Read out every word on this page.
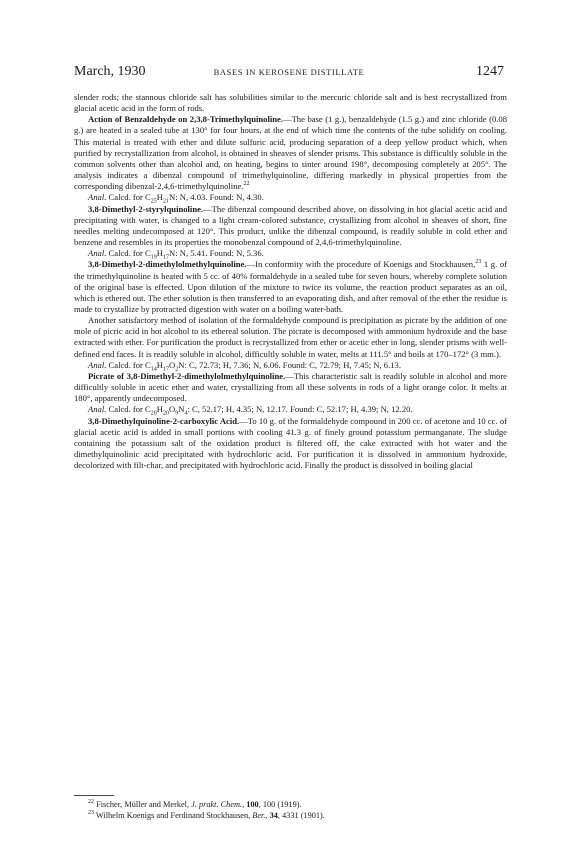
March, 1930	BASES IN KEROSENE DISTILLATE	1247

slender rods; the stannous chloride salt has solubilities similar to the mercuric chloride salt and is best recrystallized from glacial acetic acid in the form of rods.

Action of Benzaldehyde on 2,3,8-Trimethylquinoline.—The base (1 g.), benzaldehyde (1.5 g.) and zinc chloride (0.08 g.) are heated in a sealed tube at 130° for four hours, at the end of which time the contents of the tube solidify on cooling. This material is treated with ether and dilute sulfuric acid, producing separation of a deep yellow product which, when purified by recrystallization from alcohol, is obtained in sheaves of slender prisms. This substance is difficultly soluble in the common solvents other than alcohol and, on heating, begins to sinter around 198°, decomposing completely at 205°. The analysis indicates a dibenzal compound of trimethylquinoline, differing markedly in physical properties from the corresponding dibenzal-2,4,6-trimethylquinoline.$^{22}$

Anal. Calcd. for $C_{25}H_{21}N$: N, 4.03. Found: N, 4.30.

3,8-Dimethyl-2-styrylquinoline.—The dibenzal compound described above, on dissolving in hot glacial acetic acid and precipitating with water, is changed to a light cream-colored substance, crystallizing from alcohol in sheaves of short, fine needles melting undecomposed at 120°. This product, unlike the dibenzal compound, is readily soluble in cold ether and benzene and resembles in its properties the monobenzal compound of 2,4,6-trimethylquinoline.

Anal. Calcd. for $C_{19}H_{17}N$: N, 5.41. Found: N, 5.36.

3,8-Dimethyl-2-dimethylolmethylquinoline.—In conformity with the procedure of Koenigs and Stockhausen,$^{23}$ 1 g. of the trimethylquinoline is heated with 5 cc. of 40% formaldehyde in a sealed tube for seven hours, whereby complete solution of the original base is effected. Upon dilution of the mixture to twice its volume, the reaction product separates as an oil, which is ethered out. The ether solution is then transferred to an evaporating dish, and after removal of the ether the residue is made to crystallize by protracted digestion with water on a boiling water-bath.

Another satisfactory method of isolation of the formaldehyde compound is precipitation as picrate by the addition of one mole of picric acid in hot alcohol to its ethereal solution. The picrate is decomposed with ammonium hydroxide and the base extracted with ether. For purification the product is recrystallized from ether or acetic ether in long, slender prisms with well-defined end faces. It is readily soluble in alcohol, difficultly soluble in water, melts at 111.5° and boils at 170–172° (3 mm.).

Anal. Calcd. for $C_{14}H_{17}O_2N$: C, 72.73; H, 7.36; N, 6.06. Found: C, 72.79; H, 7.45; N, 6.13.

Picrate of 3,8-Dimethyl-2-dimethylolmethylquinoline.—This characteristic salt is readily soluble in alcohol and more difficultly soluble in acetic ether and water, crystallizing from all these solvents in rods of a light orange color. It melts at 180°, apparently undecomposed.

Anal. Calcd. for $C_{20}H_{20}O_9N_4$: C, 52.17; H, 4.35; N, 12.17. Found: C, 52.17; H, 4.39; N, 12.20.

3,8-Dimethylquinoline-2-carboxylic Acid.—To 10 g. of the formaldehyde compound in 200 cc. of acetone and 10 cc. of glacial acetic acid is added in small portions with cooling 41.3 g. of finely ground potassium permanganate. The sludge containing the potassium salt of the oxidation product is filtered off, the cake extracted with hot water and the dimethylquinolinic acid precipitated with hydrochloric acid. For purification it is dissolved in ammonium hydroxide, decolorized with filt-char, and precipitated with hydrochloric acid. Finally the product is dissolved in boiling glacial

$^{22}$ Fischer, Müller and Merkel, J. prakt. Chem., 100, 100 (1919).

$^{23}$ Wilhelm Koenigs and Ferdinand Stockhausen, Ber., 34, 4331 (1901).
